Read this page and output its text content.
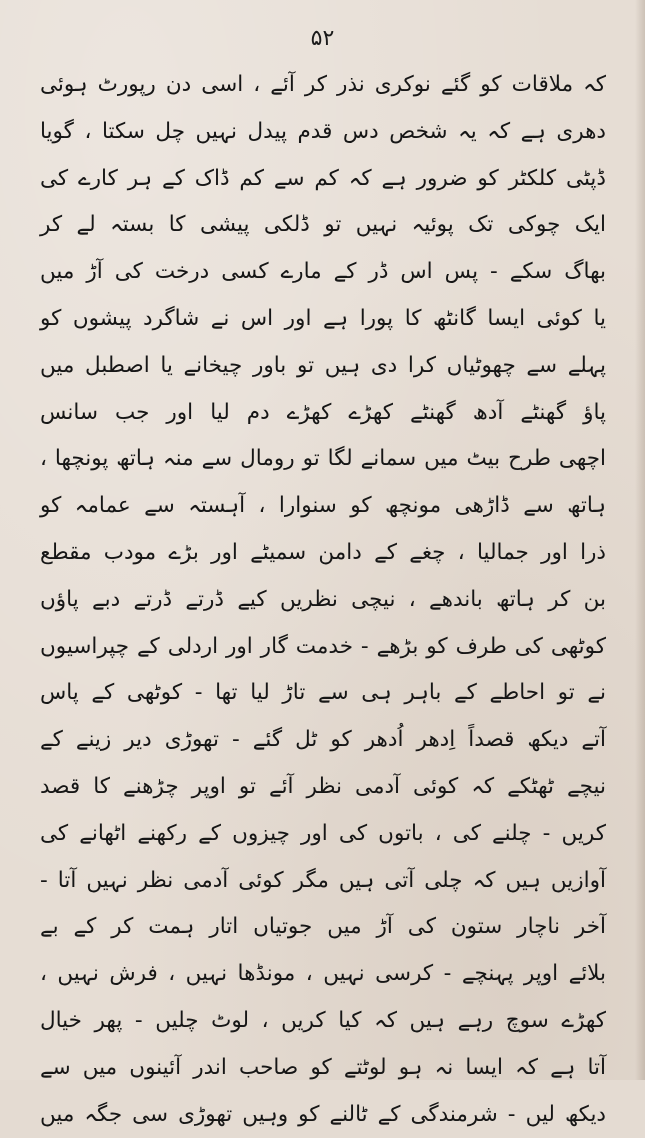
۵۲
کہ ملاقات کو گئے نوکری نذر کر آئے ، اسی دن رپورٹ ہوئی
دھری ہے کہ یہ شخص دس قدم پیدل نہیں چل سکتا ، گویا
ڈپٹی کلکٹر کو ضرور ہے کہ کم سے کم ڈاک کے ہر کارے کی
ایک چوکی تک پوئیہ نہیں تو ڈلکی پیشی کا بستہ لے کر
بھاگ سکے - پس اس ڈر کے مارے کسی درخت کی آڑ میں
یا کوئی ایسا گانٹھ کا پورا ہے اور اس نے شاگرد پیشوں کو
پہلے سے چھوٹیاں کرا دی ہیں تو باور چیخانے یا اصطبل میں
پاؤ گھنٹے آدھ گھنٹے کھڑے کھڑے دم لیا اور جب سانس
اچھی طرح بیٹ میں سمانے لگا تو رومال سے منہ ہاتھ پونچھا ،
ہاتھ سے ڈاڑھی مونچھ کو سنوارا ، آہستہ سے عمامہ کو
ذرا اور جمالیا ، چغے کے دامن سمیٹے اور بڑے مودب مقطع
بن کر ہاتھ باندھے ، نیچی نظریں کیے ڈرتے ڈرتے دبے پاؤں
کوٹھی کی طرف کو بڑھے - خدمت گار اور اردلی کے چپراسیوں
نے تو احاطے کے باہر ہی سے تاڑ لیا تھا - کوٹھی کے پاس
آتے دیکھ قصداً اِدھر اُدھر کو ٹل گئے - تھوڑی دیر زینے کے
نیچے ٹھٹکے کہ کوئی آدمی نظر آئے تو اوپر چڑھنے کا قصد
کریں - چلنے کی ، باتوں کی اور چیزوں کے رکھنے اٹھانے کی
آوازیں ہیں کہ چلی آتی ہیں مگر کوئی آدمی نظر نہیں آتا -
آخر ناچار ستون کی آڑ میں جوتیاں اتار ہمت کر کے بے
بلائے اوپر پہنچے - کرسی نہیں ، مونڈھا نہیں ، فرش نہیں ،
کھڑے سوچ رہے ہیں کہ کیا کریں ، لوٹ چلیں - پھر خیال
آتا ہے کہ ایسا نہ ہو لوٹتے کو صاحب اندر آئینوں میں سے
دیکھ لیں - شرمندگی کے ٹالنے کو وہیں تھوڑی سی جگہ میں
